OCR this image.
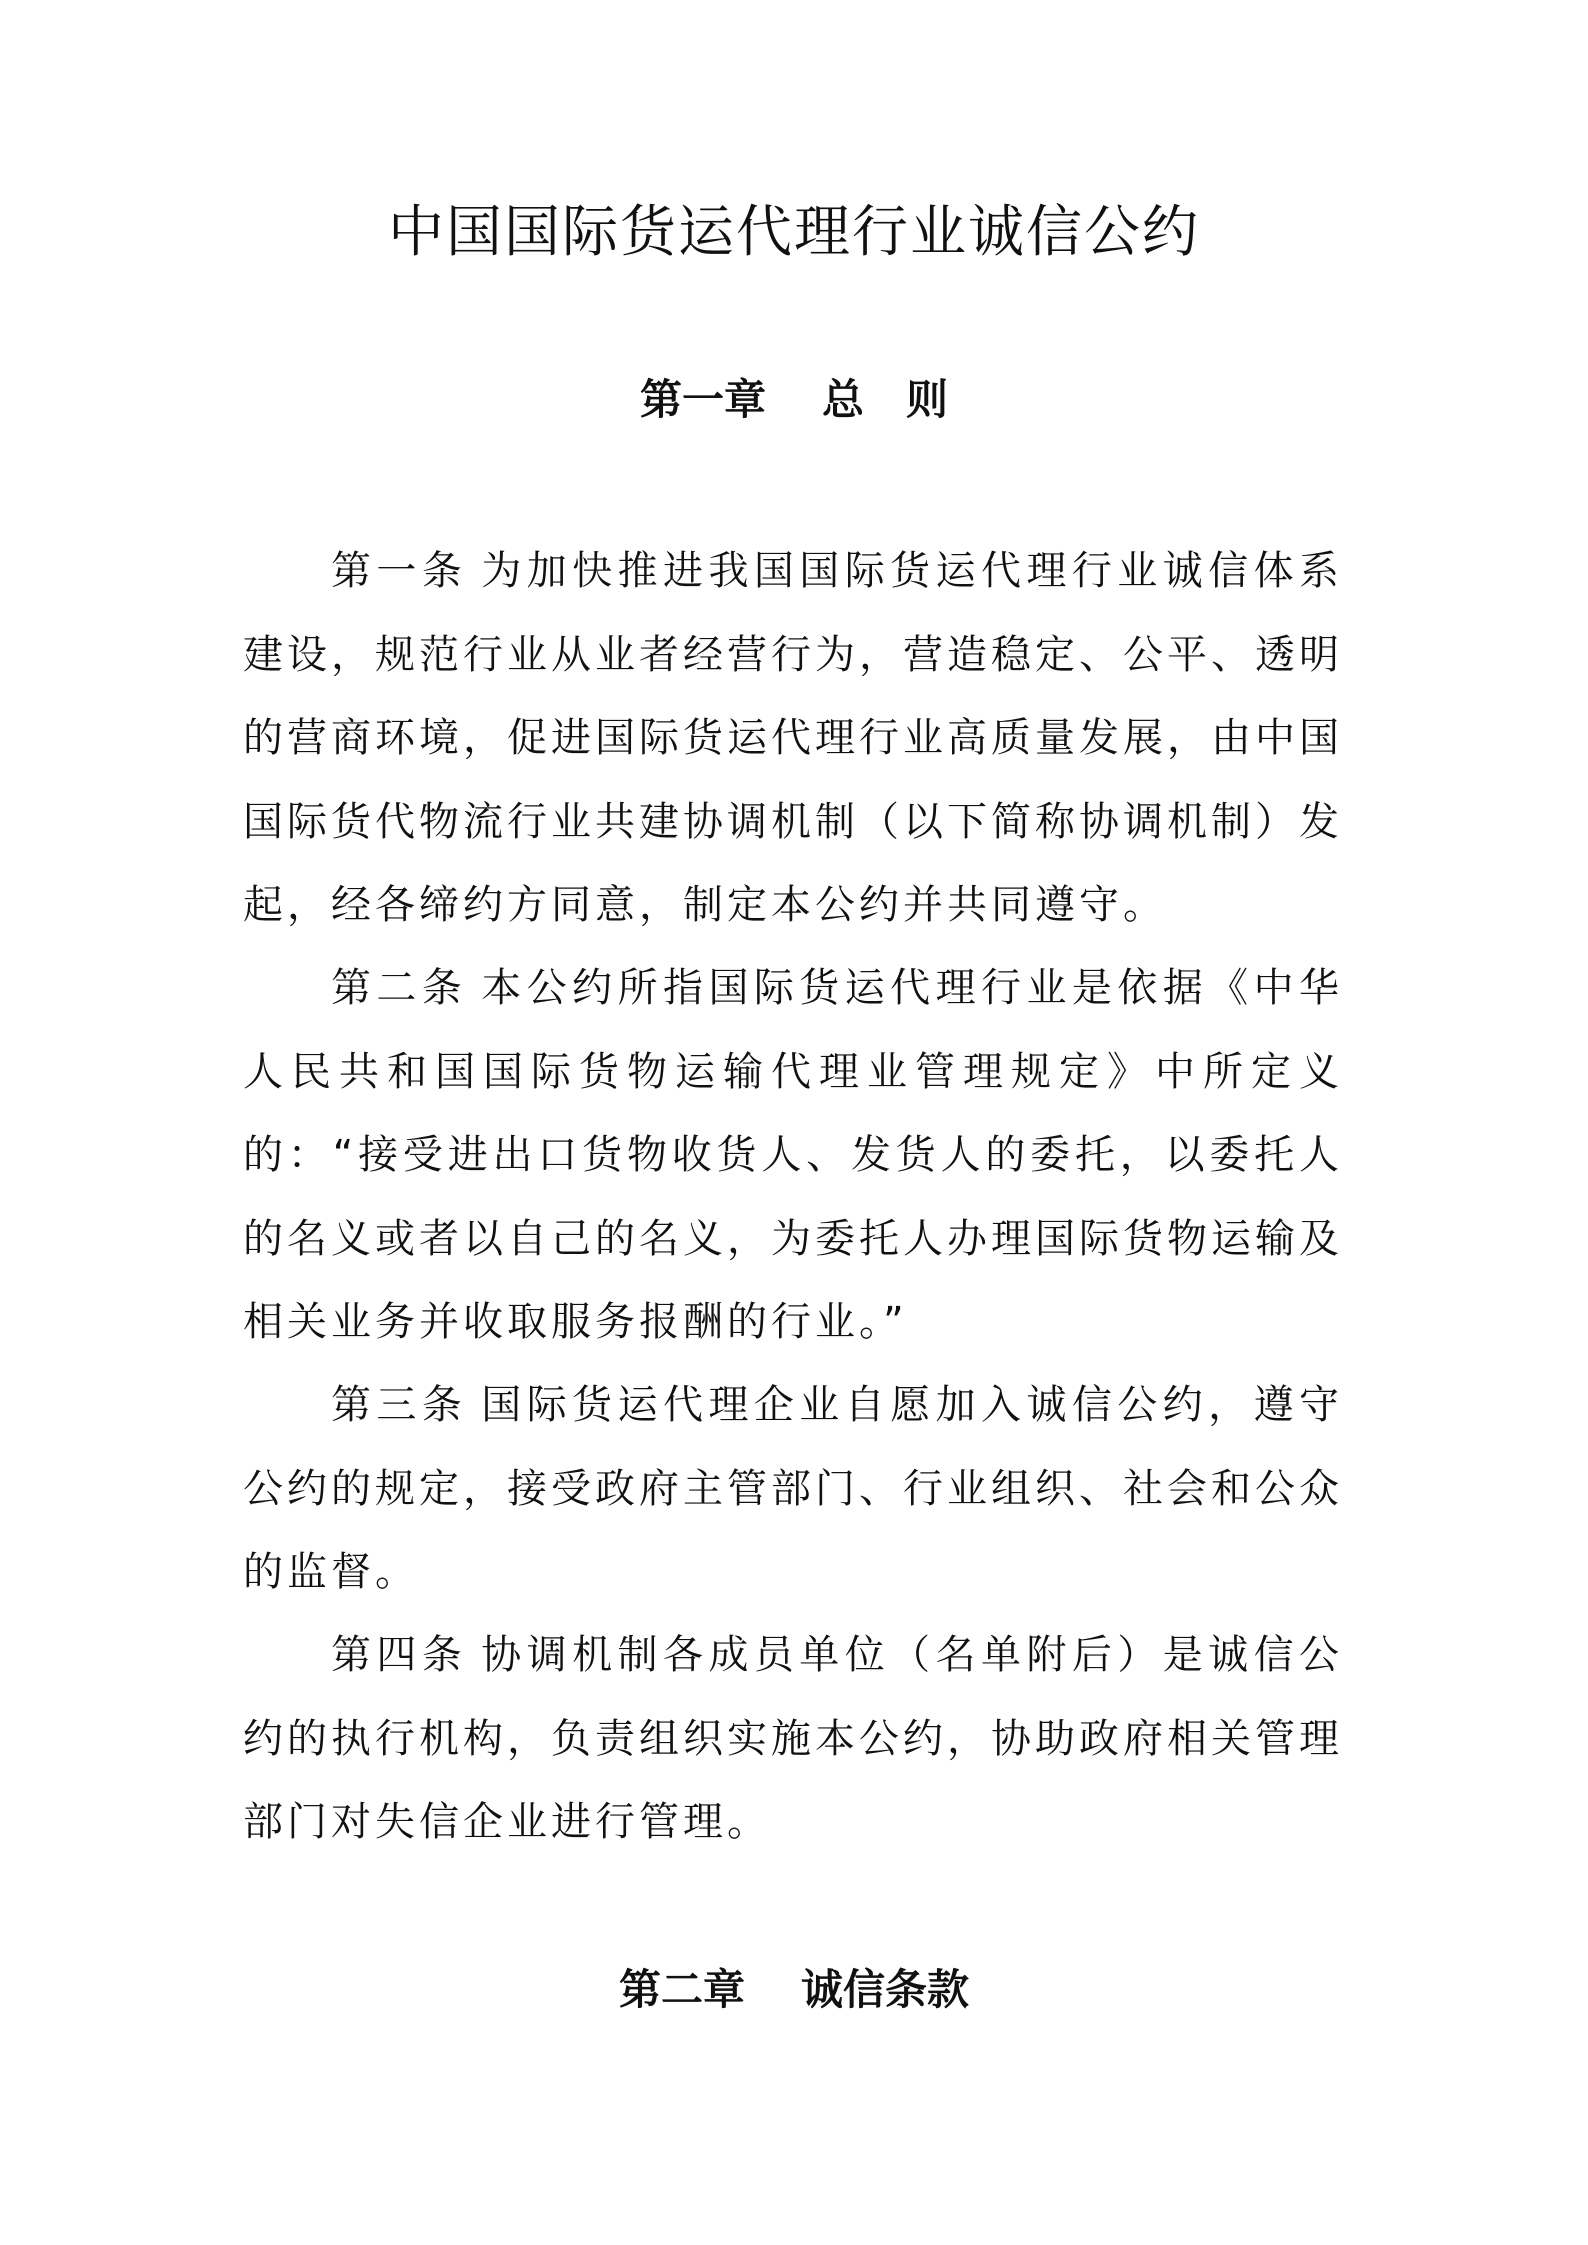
中国国际货运代理行业诚信公约
第一章 总　则

第一条 为加快推进我国国际货运代理行业诚信体系建设，规范行业从业者经营行为，营造稳定、公平、透明的营商环境，促进国际货运代理行业高质量发展，由中国国际货代物流行业共建协调机制（以下简称协调机制）发起，经各缔约方同意，制定本公约并共同遵守。

第二条 本公约所指国际货运代理行业是依据《中华人民共和国国际货物运输代理业管理规定》中所定义的：“接受进出口货物收货人、发货人的委托，以委托人的名义或者以自己的名义，为委托人办理国际货物运输及相关业务并收取服务报酬的行业。”

第三条 国际货运代理企业自愿加入诚信公约，遵守公约的规定，接受政府主管部门、行业组织、社会和公众的监督。

第四条 协调机制各成员单位（名单附后）是诚信公约的执行机构，负责组织实施本公约，协助政府相关管理部门对失信企业进行管理。

第二章 诚信条款
